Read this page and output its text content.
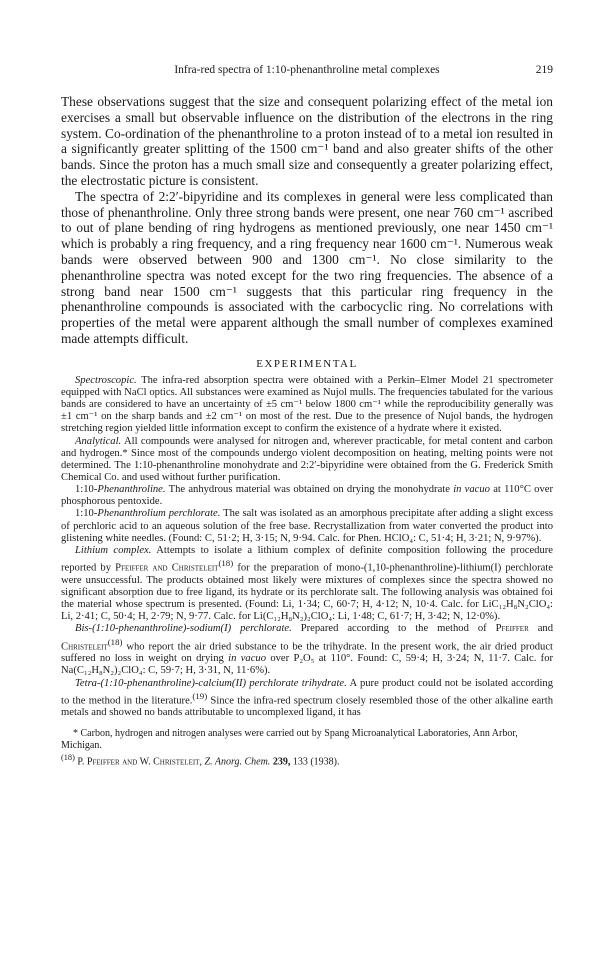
Infra-red spectra of 1:10-phenanthroline metal complexes	219

These observations suggest that the size and consequent polarizing effect of the metal ion exercises a small but observable influence on the distribution of the electrons in the ring system. Co-ordination of the phenanthroline to a proton instead of to a metal ion resulted in a significantly greater splitting of the 1500 cm⁻¹ band and also greater shifts of the other bands. Since the proton has a much small size and consequently a greater polarizing effect, the electrostatic picture is consistent.

The spectra of 2:2′-bipyridine and its complexes in general were less complicated than those of phenanthroline. Only three strong bands were present, one near 760 cm⁻¹ ascribed to out of plane bending of ring hydrogens as mentioned previously, one near 1450 cm⁻¹ which is probably a ring frequency, and a ring frequency near 1600 cm⁻¹. Numerous weak bands were observed between 900 and 1300 cm⁻¹. No close similarity to the phenanthroline spectra was noted except for the two ring frequencies. The absence of a strong band near 1500 cm⁻¹ suggests that this particular ring frequency in the phenanthroline compounds is associated with the carbocyclic ring. No correlations with properties of the metal were apparent although the small number of complexes examined made attempts difficult.

EXPERIMENTAL

Spectroscopic. The infra-red absorption spectra were obtained with a Perkin–Elmer Model 21 spectrometer equipped with NaCl optics. All substances were examined as Nujol mulls. The frequencies tabulated for the various bands are considered to have an uncertainty of ±5 cm⁻¹ below 1800 cm⁻¹ while the reproducibility generally was ±1 cm⁻¹ on the sharp bands and ±2 cm⁻¹ on most of the rest. Due to the presence of Nujol bands, the hydrogen stretching region yielded little information except to confirm the existence of a hydrate where it existed.

Analytical. All compounds were analysed for nitrogen and, wherever practicable, for metal content and carbon and hydrogen.* Since most of the compounds undergo violent decomposition on heating, melting points were not determined. The 1:10-phenanthroline monohydrate and 2:2′-bipyridine were obtained from the G. Frederick Smith Chemical Co. and used without further purification.

1:10-Phenanthroline. The anhydrous material was obtained on drying the monohydrate in vacuo at 110°C over phosphorous pentoxide.

1:10-Phenanthrolium perchlorate. The salt was isolated as an amorphous precipitate after adding a slight excess of perchloric acid to an aqueous solution of the free base. Recrystallization from water converted the product into glistening white needles. (Found: C, 51·2; H, 3·15; N, 9·94. Calc. for Phen. HClO₄: C, 51·4; H, 3·21; N, 9·97%).

Lithium complex. Attempts to isolate a lithium complex of definite composition following the procedure reported by Pfeiffer and Christeleit$^{(18)}$ for the preparation of mono-(1,10-phenanthroline)-lithium(I) perchlorate were unsuccessful. The products obtained most likely were mixtures of complexes since the spectra showed no significant absorption due to free ligand, its hydrate or its perchlorate salt. The following analysis was obtained foi the material whose spectrum is presented. (Found: Li, 1·34; C, 60·7; H, 4·12; N, 10·4. Calc. for LiC₁₂H₈N₂ClO₄: Li, 2·41; C, 50·4; H, 2·79; N, 9·77. Calc. for Li(C₁₂H₈N₂)₂ClO₄: Li, 1·48; C, 61·7; H, 3·42; N, 12·0%).

Bis-(1:10-phenanthroline)-sodium(I) perchlorate. Prepared according to the method of Pfeiffer and Christeleit$^{(18)}$ who report the air dried substance to be the trihydrate. In the present work, the air dried product suffered no loss in weight on drying in vacuo over P₂O₅ at 110°. Found: C, 59·4; H, 3·24; N, 11·7. Calc. for Na(C₁₂H₈N₂)₂ClO₄: C, 59·7; H, 3·31, N, 11·6%).

Tetra-(1:10-phenanthroline)-calcium(II) perchlorate trihydrate. A pure product could not be isolated according to the method in the literature.$^{(19)}$ Since the infra-red spectrum closely resembled those of the other alkaline earth metals and showed no bands attributable to uncomplexed ligand, it has

* Carbon, hydrogen and nitrogen analyses were carried out by Spang Microanalytical Laboratories, Ann Arbor, Michigan.

$^{(18)}$ P. Pfeiffer and W. Christeleit, Z. Anorg. Chem. 239, 133 (1938).
